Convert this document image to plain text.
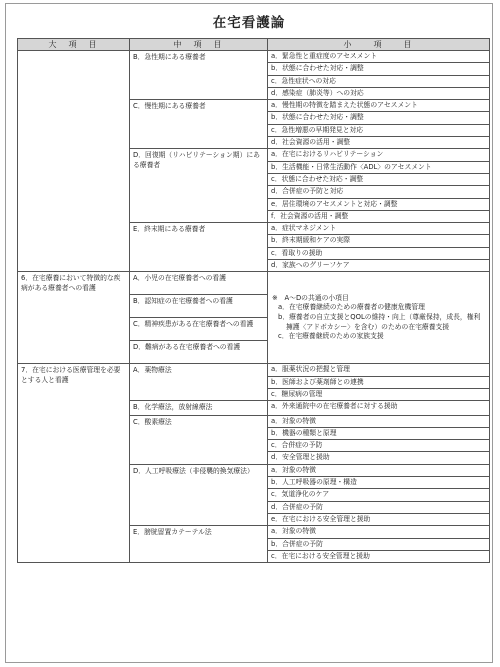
在宅看護論
大　項　目	中　項　目	小　　項　　目
	B．急性期にある療養者	a．緊急性と重症度のアセスメント
		b．状態に合わせた対応・調整
		c．急性症状への対応
		d．感染症（肺炎等）への対応
	C．慢性期にある療養者	a．慢性期の特徴を踏まえた状態のアセスメント
		b．状態に合わせた対応・調整
		c．急性増悪の早期発見と対応
		d．社会資源の活用・調整
	D．回復期（リハビリテーション期）にある療養者	a．在宅におけるリハビリテーション
		b．生活機能・日常生活動作〈ADL〉のアセスメント
		c．状態に合わせた対応・調整
		d．合併症の予防と対応
		e．居住環境のアセスメントと対応・調整
		f．社会資源の活用・調整
	E．終末期にある療養者	a．症状マネジメント
		b．終末期緩和ケアの実際
		c．看取りの援助
		d．家族へのグリーフケア
6．在宅療養において特徴的な疾病がある療養者への看護	A．小児の在宅療養者への看護	※　A～Dの共通の小項目
a．在宅療養継続のための療養者の健康危機管理
b．療養者の自立支援とQOLの維持・向上（尊厳保持，成長，権利擁護〈アドボカシー〉を含む）のための在宅療養支援
c．在宅療養継続のための家族支援

	B．認知症の在宅療養者への看護	
	C．精神疾患がある在宅療養者への看護	
	D．難病がある在宅療養者への看護	
7．在宅における医療管理を必要とする人と看護	A．薬物療法	a．服薬状況の把握と管理
		b．医師および薬剤師との連携
		c．糖尿病の管理
	B．化学療法，放射線療法	a．外来通院中の在宅療養者に対する援助
	C．酸素療法	a．対象の特徴
		b．機器の種類と原理
		c．合併症の予防
		d．安全管理と援助
	D．人工呼吸療法（非侵襲的換気療法）	a．対象の特徴
		b．人工呼吸器の原理・構造
		c．気道浄化のケア
		d．合併症の予防
		e．在宅における安全管理と援助
	E．膀胱留置カテーテル法	a．対象の特徴
		b．合併症の予防
		c．在宅における安全管理と援助
